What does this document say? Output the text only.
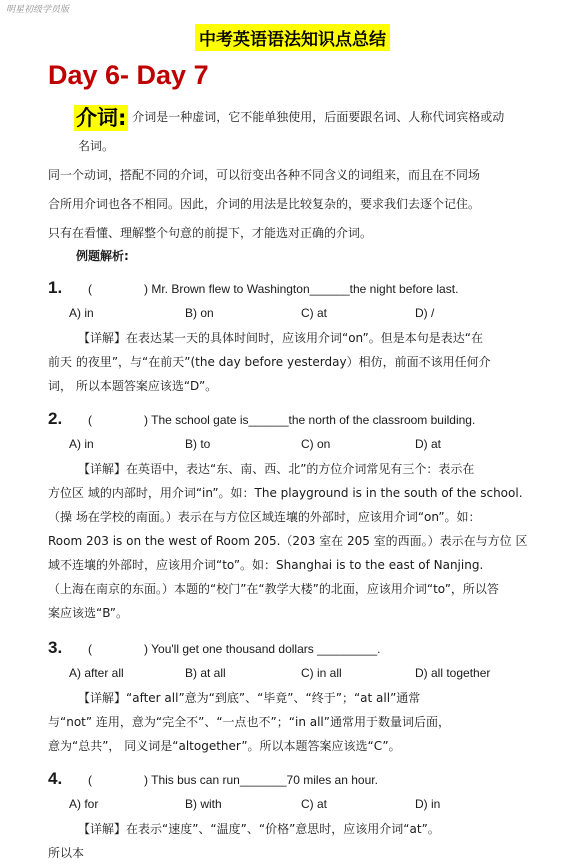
明星初级学员版
中考英语语法知识点总结
Day 6- Day 7
介词: 介词是一种虚词，它不能单独使用，后面要跟名词、人称代词宾格或动
名词。
同一个动词，搭配不同的介词，可以衍变出各种不同含义的词组来，而且在不同场
合所用介词也各不相同。因此，介词的用法是比较复杂的，要求我们去逐个记住。
只有在看懂、理解整个句意的前提下，才能选对正确的介词。
例题解析:
1. (	) Mr. Brown flew to Washington______the night before last.
A) in	B) on	C) at	D) /
【详解】在表达某一天的具体时间时，应该用介词“on”。但是本句是表达“在
前天 的夜里”，与“在前天”(the day before yesterday）相仿，前面不该用任何介
词， 所以本题答案应该选“D”。
2. (	) The school gate is______the north of the classroom building.
A) in	B) to	C) on	D) at
【详解】在英语中，表达“东、南、西、北”的方位介词常见有三个：表示在
方位区 域的内部时，用介词“in”。如：The playground is in the south of the school.
（操 场在学校的南面。）表示在与方位区域连壤的外部时，应该用介词“on”。如：
Room 203 is on the west of Room 205.（203 室在 205 室的西面。）表示在与方位 区
域不连壤的外部时，应该用介词“to”。如：Shanghai is to the east of Nanjing.
（上海在南京的东面。）本题的“校门”在“教学大楼”的北面，应该用介词“to”，所以答
案应该选“B”。
3. (	) You'll get one thousand dollars _________.
A) after all	B) at all	C) in all	D) all together
【详解】“after all”意为“到底”、“毕竟”、“终于”；“at all”通常
与“not” 连用，意为“完全不”、“一点也不”；“in all”通常用于数量词后面，
意为“总共”， 同义词是“altogether”。所以本题答案应该选“C”。
4. (	) This bus can run_______70 miles an hour.
A) for	B) with	C) at	D) in
【详解】在表示“速度”、“温度”、“价格”意思时，应该用介词“at”。
所以本
